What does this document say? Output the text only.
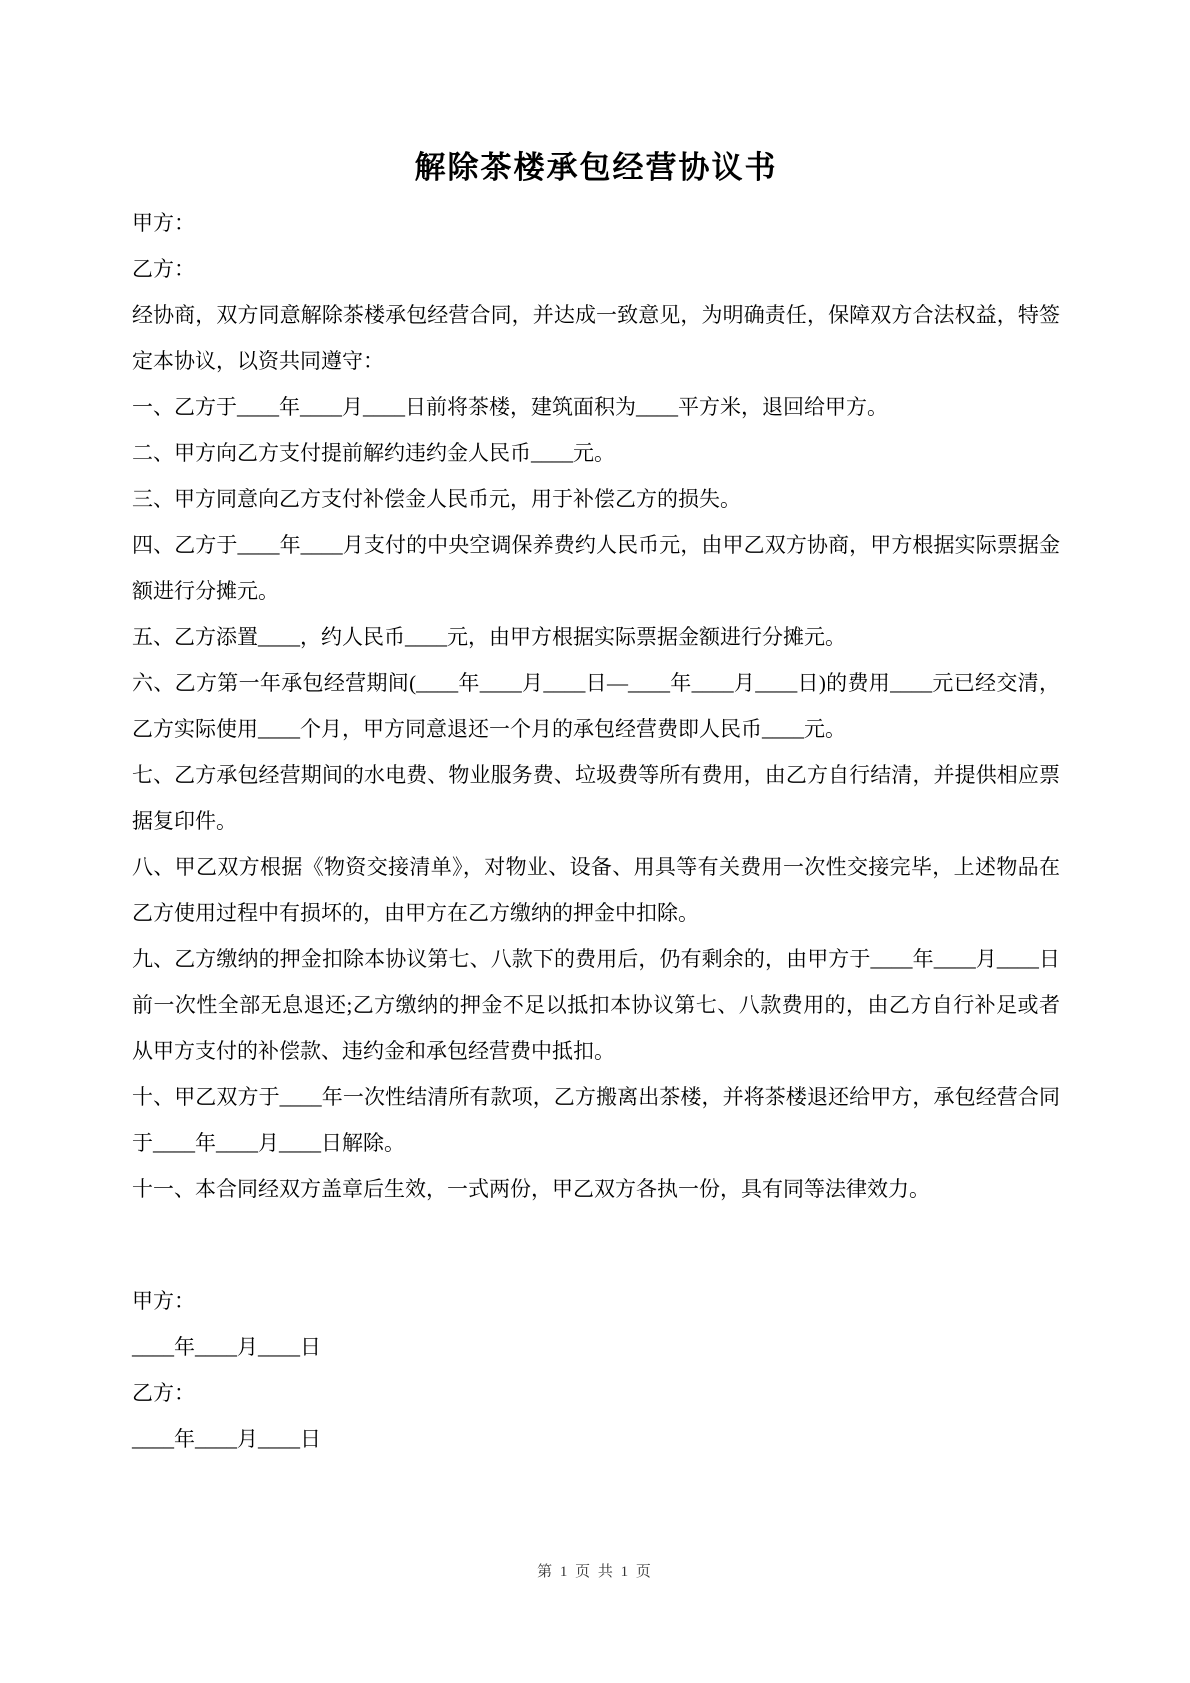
解除茶楼承包经营协议书

甲方：

乙方：

经协商，双方同意解除茶楼承包经营合同，并达成一致意见，为明确责任，保障双方合法权益，特签定本协议，以资共同遵守：

一、乙方于____年____月____日前将茶楼，建筑面积为____平方米，退回给甲方。

二、甲方向乙方支付提前解约违约金人民币____元。

三、甲方同意向乙方支付补偿金人民币元，用于补偿乙方的损失。

四、乙方于____年____月支付的中央空调保养费约人民币元，由甲乙双方协商，甲方根据实际票据金额进行分摊元。

五、乙方添置____，约人民币____元，由甲方根据实际票据金额进行分摊元。

六、乙方第一年承包经营期间(____年____月____日—____年____月____日)的费用____元已经交清，乙方实际使用____个月，甲方同意退还一个月的承包经营费即人民币____元。

七、乙方承包经营期间的水电费、物业服务费、垃圾费等所有费用，由乙方自行结清，并提供相应票据复印件。

八、甲乙双方根据《物资交接清单》，对物业、设备、用具等有关费用一次性交接完毕，上述物品在乙方使用过程中有损坏的，由甲方在乙方缴纳的押金中扣除。

九、乙方缴纳的押金扣除本协议第七、八款下的费用后，仍有剩余的，由甲方于____年____月____日前一次性全部无息退还;乙方缴纳的押金不足以抵扣本协议第七、八款费用的，由乙方自行补足或者从甲方支付的补偿款、违约金和承包经营费中抵扣。

十、甲乙双方于____年一次性结清所有款项，乙方搬离出茶楼，并将茶楼退还给甲方，承包经营合同于____年____月____日解除。

十一、本合同经双方盖章后生效，一式两份，甲乙双方各执一份，具有同等法律效力。

甲方：

____年____月____日

乙方：

____年____月____日

第 1 页 共 1 页
